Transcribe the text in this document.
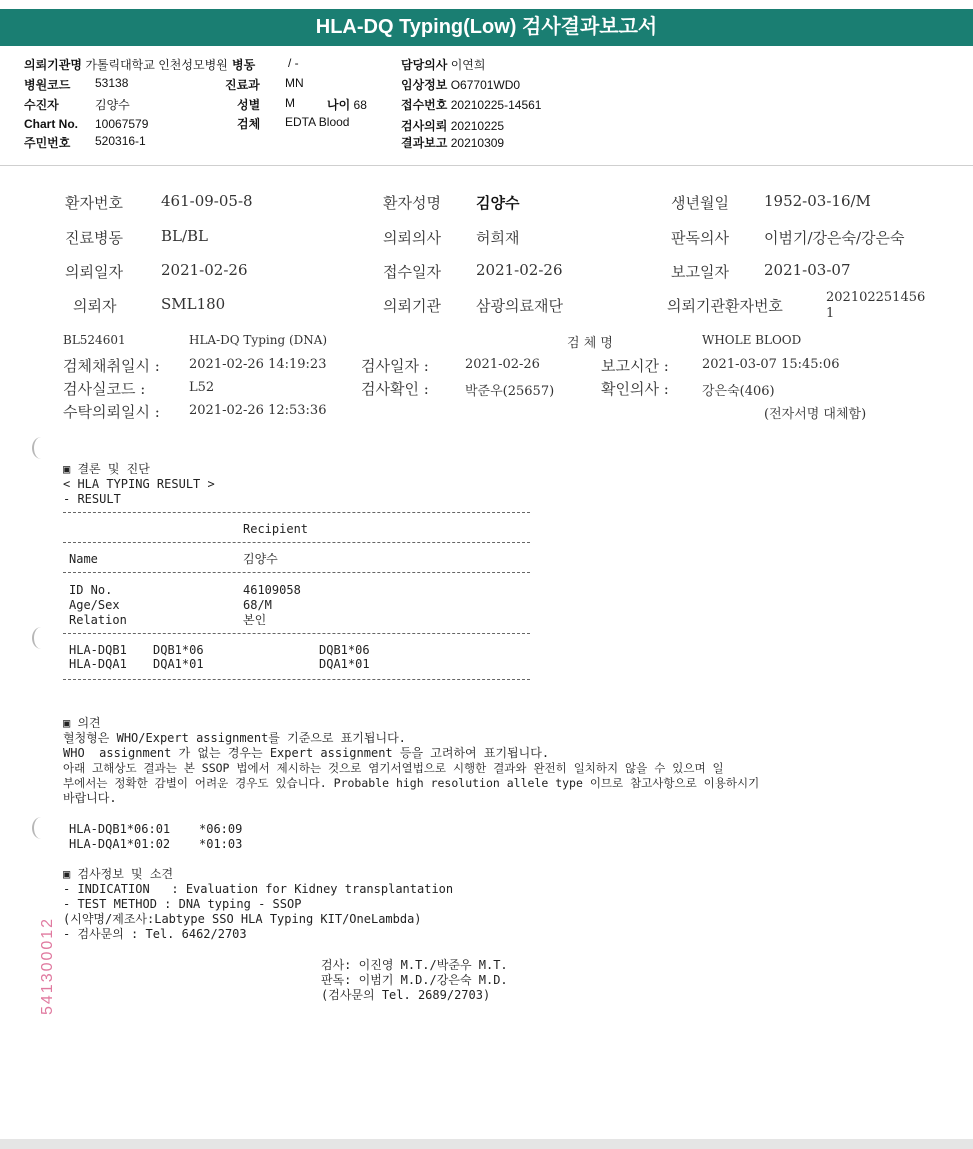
HLA-DQ Typing(Low) 검사결과보고서
의뢰기관명 가톨릭대학교 인천성모병원 병동	/ -	담당의사 이연희
병원코드 53138	진료과 MN	임상정보 O67701WD0
수진자	김양수	성별 M	나이 68	접수번호 20210225-14561
Chart No. 10067579	검체 EDTA Blood	검사의뢰 20210225
주민번호 520316-1	결과보고 20210309
환자번호	461-09-05-8	환자성명 김양수	생년월일 1952-03-16/M
진료병동	BL/BL	의뢰의사 허희재	판독의사 이범기/강은숙/강은숙
의뢰일자	2021-02-26	접수일자 2021-02-26	보고일자 2021-03-07
의뢰자	SML180	의뢰기관 삼광의료재단	의뢰기관환자번호	202102251456
1
BL524601	HLA-DQ Typing (DNA)	검 체 명	WHOLE BLOOD
검체채취일시 : 2021-02-26 14:19:23 검사일자 :	2021-02-26	보고시간 :	2021-03-07 15:45:06
검사실코드 :	L52	검사확인 :	박준우(25657)	확인의사 :	강은숙(406)
수탁의뢰일시 : 2021-02-26 12:53:36	(전자서명 대체함)
▣ 결론 및 진단
< HLA TYPING RESULT >
- RESULT
Recipient
Name	김양수
ID No.	46109058
Age/Sex	68/M
Relation	본인
HLA-DQB1 DQB1*06	DQB1*06
HLA-DQA1 DQA1*01	DQA1*01
▣ 의견
혈청형은 WHO/Expert assignment를 기준으로 표기됩니다.
WHO  assignment 가 없는 경우는 Expert assignment 등을 고려하여 표기됩니다.
아래 고해상도 결과는 본 SSOP 법에서 제시하는 것으로 염기서열법으로 시행한 결과와 완전히 일치하지 않을 수 있으며 일
부에서는 정확한 감별이 어려운 경우도 있습니다. Probable high resolution allele type 이므로 참고사항으로 이용하시기
바랍니다.
HLA-DQB1*06:01 *06:09
HLA-DQA1*01:02 *01:03
▣ 검사정보 및 소견
- INDICATION   : Evaluation for Kidney transplantation
- TEST METHOD : DNA typing - SSOP
(시약명/제조사:Labtype SSO HLA Typing KIT/OneLambda)
- 검사문의 : Tel. 6462/2703
검사: 이진영 M.T./박준우 M.T.
판독: 이범기 M.D./강은숙 M.D.
(검사문의 Tel. 2689/2703)
541300012
